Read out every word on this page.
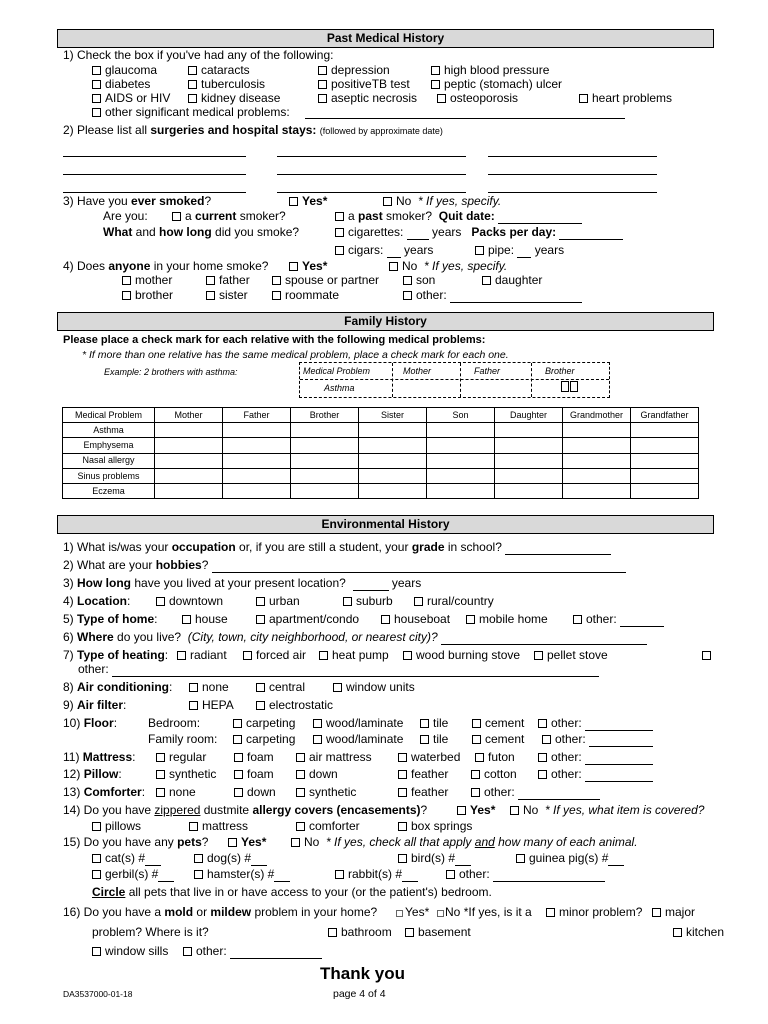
Past Medical History
1) Check the box if you've had any of the following:
glaucoma	cataracts	depression	high blood pressure
diabetes	tuberculosis	positiveTB test	peptic (stomach) ulcer
AIDS or HIV	kidney disease	aseptic necrosis	osteoporosis	heart problems
other significant medical problems:
2) Please list all surgeries and hospital stays: (followed by approximate date)
3) Have you ever smoked?	Yes*	No * If yes, specify.
Are you:	a current smoker?	a past smoker? Quit date:
What and how long did you smoke?	cigarettes: years Packs per day:
cigars: years	pipe: years
4) Does anyone in your home smoke?	Yes*	No * If yes, specify.
mother	father	spouse or partner	son	daughter
brother	sister	roommate	other:
Family History
Please place a check mark for each relative with the following medical problems:
* If more than one relative has the same medical problem, place a check mark for each one.
Example: 2 brothers with asthma:	Medical Problem	Mother	Father	Brother
Asthma
Medical Problem	Mother	Father	Brother	Sister	Son	Daughter	Grandmother	Grandfather
Asthma								
Emphysema								
Nasal allergy								
Sinus problems								
Eczema								
Environmental History
1) What is/was your occupation or, if you are still a student, your grade in school?
2) What are your hobbies?
3) How long have you lived at your present location?	years
4) Location:	downtown	urban	suburb	rural/country
5) Type of home:	house	apartment/condo	houseboat	mobile home	other:
6) Where do you live? (City, town, city neighborhood, or nearest city)?
7) Type of heating:	radiant	forced air	heat pump	wood burning stove	pellet stove
other:
8) Air conditioning:	none	central	window units
9) Air filter:	HEPA	electrostatic
10) Floor:	Bedroom:	carpeting	wood/laminate	tile	cement	other:
Family room:	carpeting	wood/laminate	tile	cement	other:
11) Mattress:	regular	foam	air mattress	waterbed	futon	other:
12) Pillow:	synthetic	foam	down	feather	cotton	other:
13) Comforter:	none	down	synthetic	feather	other:
14) Do you have zippered dustmite allergy covers (encasements)?	Yes*	No * If yes, what item is covered?
pillows	mattress	comforter	box springs
15) Do you have any pets?	Yes*	No * If yes, check all that apply and how many of each animal.
cat(s) #	dog(s) #	bird(s) #	guinea pig(s) #
gerbil(s) #	hamster(s) #	rabbit(s) #	other:
Circle all pets that live in or have access to your (or the patient's) bedroom.
16) Do you have a mold or mildew problem in your home?	Yes*	No *If yes, is it a	minor problem?	major
problem? Where is it?	bathroom	basement	kitchen
window sills	other:
Thank you
DA3537000-01-18	page 4 of 4
